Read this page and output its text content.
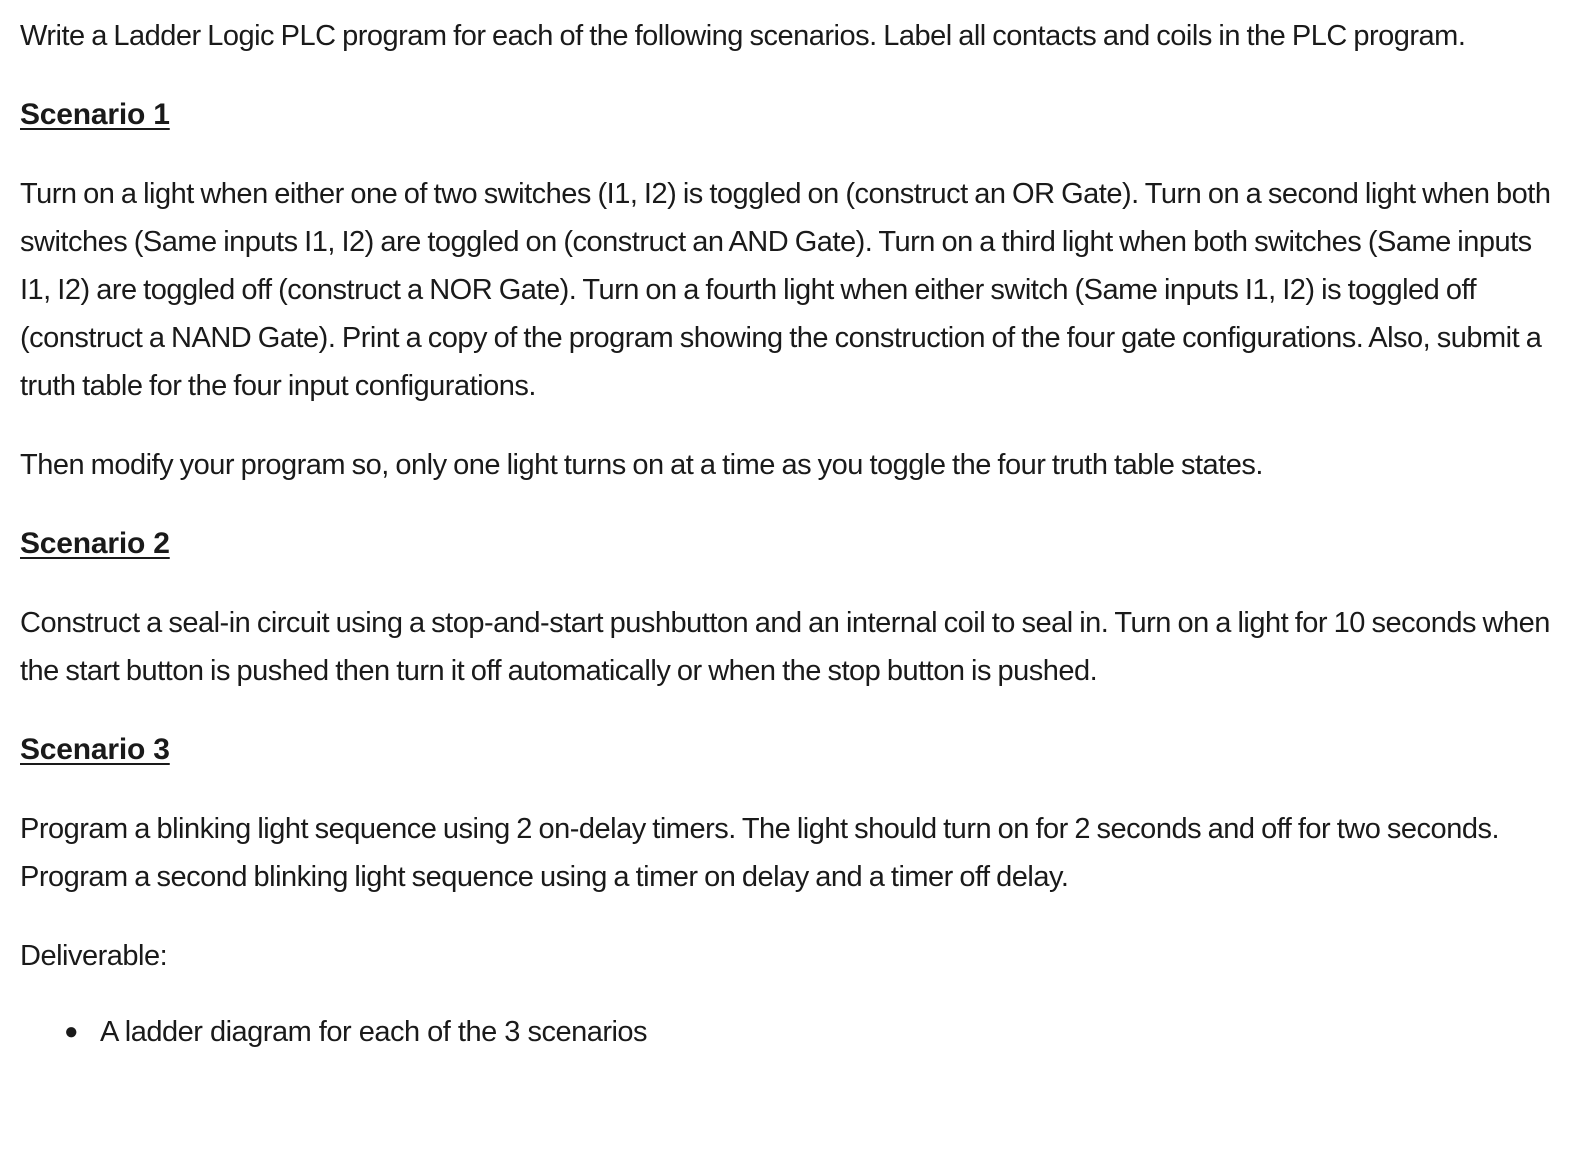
Write a Ladder Logic PLC program for each of the following scenarios. Label all contacts and coils in the PLC program.

Scenario 1

Turn on a light when either one of two switches (I1, I2) is toggled on (construct an OR Gate). Turn on a second light when both switches (Same inputs I1, I2) are toggled on (construct an AND Gate). Turn on a third light when both switches (Same inputs I1, I2) are toggled off (construct a NOR Gate). Turn on a fourth light when either switch (Same inputs I1, I2) is toggled off (construct a NAND Gate). Print a copy of the program showing the construction of the four gate configurations. Also, submit a truth table for the four input configurations.

Then modify your program so, only one light turns on at a time as you toggle the four truth table states.

Scenario 2

Construct a seal-in circuit using a stop-and-start pushbutton and an internal coil to seal in. Turn on a light for 10 seconds when the start button is pushed then turn it off automatically or when the stop button is pushed.

Scenario 3

Program a blinking light sequence using 2 on-delay timers. The light should turn on for 2 seconds and off for two seconds. Program a second blinking light sequence using a timer on delay and a timer off delay.

Deliverable:

● A ladder diagram for each of the 3 scenarios
